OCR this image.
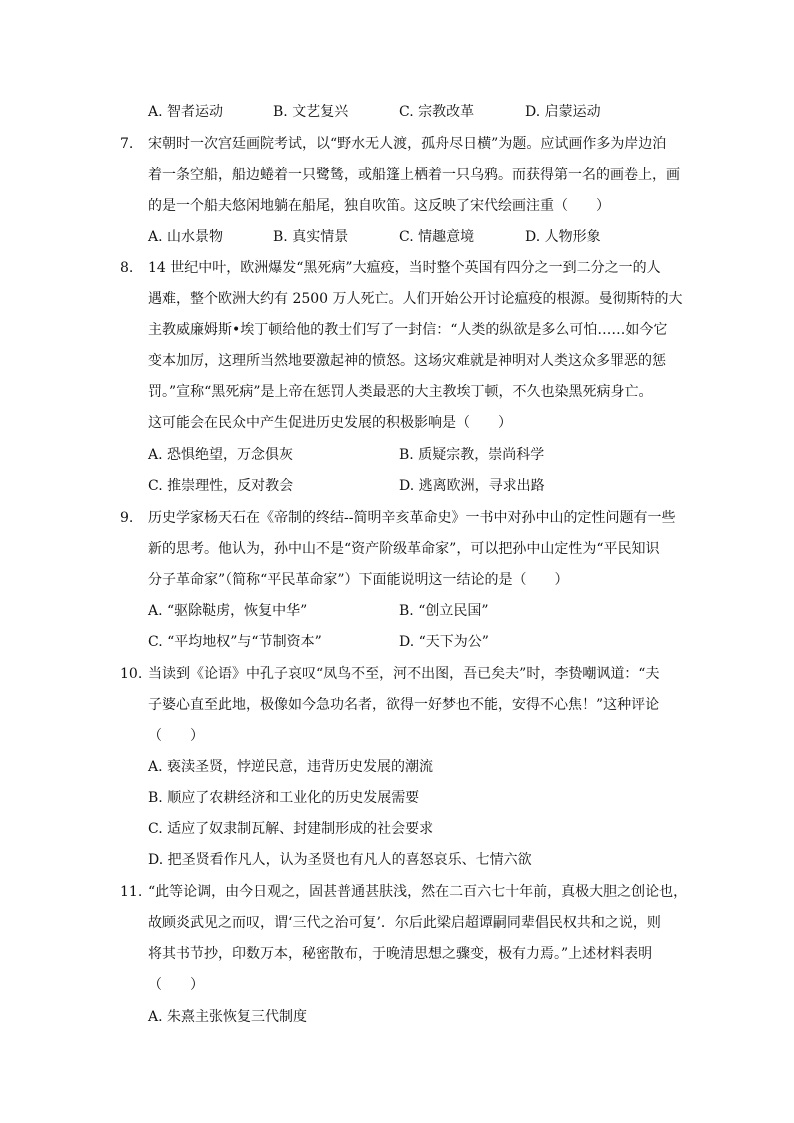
A. 智者运动	B. 文艺复兴	C. 宗教改革	D. 启蒙运动
7. 宋朝时一次宫廷画院考试，以“野水无人渡，孤舟尽日横”为题。应试画作多为岸边泊
着一条空船，船边蜷着一只鹭鸶，或船篷上栖着一只乌鸦。而获得第一名的画卷上，画
的是一个船夫悠闲地躺在船尾，独自吹笛。这反映了宋代绘画注重（　　）
A. 山水景物	B. 真实情景	C. 情趣意境	D. 人物形象
8. 14 世纪中叶，欧洲爆发“黑死病”大瘟疫，当时整个英国有四分之一到二分之一的人
遇难，整个欧洲大约有 2500 万人死亡。人们开始公开讨论瘟疫的根源。曼彻斯特的大
主教威廉姆斯•埃丁顿给他的教士们写了一封信：“人类的纵欲是多么可怕……如今它
变本加厉，这理所当然地要激起神的愤怒。这场灾难就是神明对人类这众多罪恶的惩
罚。”宣称“黑死病”是上帝在惩罚人类最恶的大主教埃丁顿，不久也染黑死病身亡。
这可能会在民众中产生促进历史发展的积极影响是（　　）
A. 恐惧绝望，万念俱灰	B. 质疑宗教，崇尚科学
C. 推崇理性，反对教会	D. 逃离欧洲，寻求出路
9. 历史学家杨天石在《帝制的终结--简明辛亥革命史》一书中对孙中山的定性问题有一些
新的思考。他认为，孙中山不是“资产阶级革命家”，可以把孙中山定性为“平民知识
分子革命家”（简称“平民革命家”）下面能说明这一结论的是（　　）
A. “驱除鞑虏，恢复中华”	B. “创立民国”
C. “平均地权”与“节制资本”	D. “天下为公”
10. 当读到《论语》中孔子哀叹“凤鸟不至，河不出图，吾已矣夫”时，李贽嘲讽道：“夫
子婆心直至此地，极像如今急功名者，欲得一好梦也不能，安得不心焦！”这种评论
（　　）
A. 亵渎圣贤，悖逆民意，违背历史发展的潮流
B. 顺应了农耕经济和工业化的历史发展需要
C. 适应了奴隶制瓦解、封建制形成的社会要求
D. 把圣贤看作凡人，认为圣贤也有凡人的喜怒哀乐、七情六欲
11. “此等论调，由今日观之，固甚普通甚肤浅，然在二百六七十年前，真极大胆之创论也，
故顾炎武见之而叹，谓‘三代之治可复’．尔后此梁启超谭嗣同辈倡民权共和之说，则
将其书节抄，印数万本，秘密散布，于晚清思想之骤变，极有力焉。”上述材料表明
（　　）
A. 朱熹主张恢复三代制度
